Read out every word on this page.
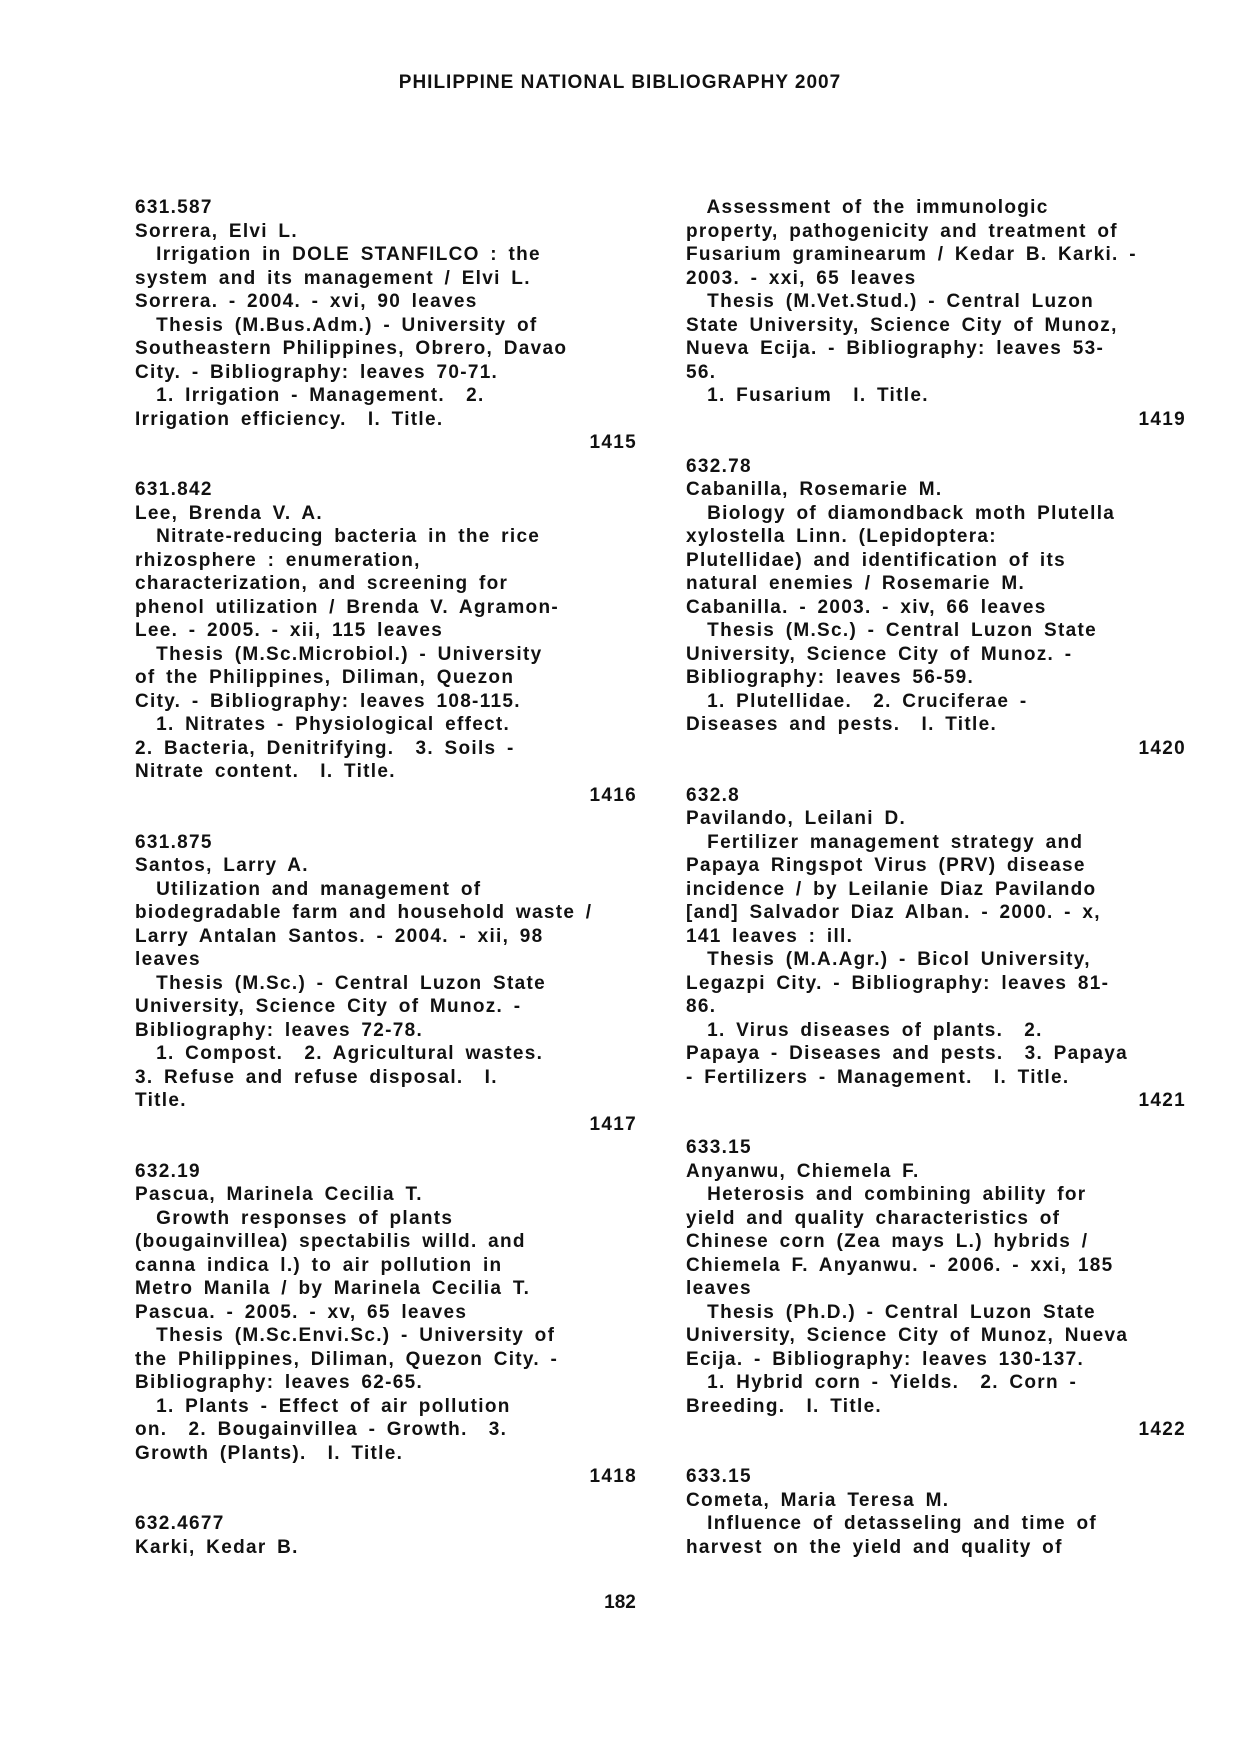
PHILIPPINE NATIONAL BIBLIOGRAPHY 2007
631.587
Sorrera, Elvi L.
Irrigation in DOLE STANFILCO : the
system and its management / Elvi L.
Sorrera. - 2004. - xvi, 90 leaves
Thesis (M.Bus.Adm.) - University of
Southeastern Philippines, Obrero, Davao
City. - Bibliography: leaves 70-71.
1. Irrigation - Management.  2.
Irrigation efficiency.  I. Title.
1415
631.842
Lee, Brenda V. A.
Nitrate-reducing bacteria in the rice
rhizosphere : enumeration,
characterization, and screening for
phenol utilization / Brenda V. Agramon-
Lee. - 2005. - xii, 115 leaves
Thesis (M.Sc.Microbiol.) - University
of the Philippines, Diliman, Quezon
City. - Bibliography: leaves 108-115.
1. Nitrates - Physiological effect.
2. Bacteria, Denitrifying.  3. Soils -
Nitrate content.  I. Title.
1416
631.875
Santos, Larry A.
Utilization and management of
biodegradable farm and household waste /
Larry Antalan Santos. - 2004. - xii, 98
leaves
Thesis (M.Sc.) - Central Luzon State
University, Science City of Munoz. -
Bibliography: leaves 72-78.
1. Compost.  2. Agricultural wastes.
3. Refuse and refuse disposal.  I.
Title.
1417
632.19
Pascua, Marinela Cecilia T.
Growth responses of plants
(bougainvillea) spectabilis willd. and
canna indica l.) to air pollution in
Metro Manila / by Marinela Cecilia T.
Pascua. - 2005. - xv, 65 leaves
Thesis (M.Sc.Envi.Sc.) - University of
the Philippines, Diliman, Quezon City. -
Bibliography: leaves 62-65.
1. Plants - Effect of air pollution
on.  2. Bougainvillea - Growth.  3.
Growth (Plants).  I. Title.
1418
632.4677
Karki, Kedar B.
Assessment of the immunologic
property, pathogenicity and treatment of
Fusarium graminearum / Kedar B. Karki. -
2003. - xxi, 65 leaves
Thesis (M.Vet.Stud.) - Central Luzon
State University, Science City of Munoz,
Nueva Ecija. - Bibliography: leaves 53-
56.
1. Fusarium  I. Title.
1419
632.78
Cabanilla, Rosemarie M.
Biology of diamondback moth Plutella
xylostella Linn. (Lepidoptera:
Plutellidae) and identification of its
natural enemies / Rosemarie M.
Cabanilla. - 2003. - xiv, 66 leaves
Thesis (M.Sc.) - Central Luzon State
University, Science City of Munoz. -
Bibliography: leaves 56-59.
1. Plutellidae.  2. Cruciferae -
Diseases and pests.  I. Title.
1420
632.8
Pavilando, Leilani D.
Fertilizer management strategy and
Papaya Ringspot Virus (PRV) disease
incidence / by Leilanie Diaz Pavilando
[and] Salvador Diaz Alban. - 2000. - x,
141 leaves : ill.
Thesis (M.A.Agr.) - Bicol University,
Legazpi City. - Bibliography: leaves 81-
86.
1. Virus diseases of plants.  2.
Papaya - Diseases and pests.  3. Papaya
- Fertilizers - Management.  I. Title.
1421
633.15
Anyanwu, Chiemela F.
Heterosis and combining ability for
yield and quality characteristics of
Chinese corn (Zea mays L.) hybrids /
Chiemela F. Anyanwu. - 2006. - xxi, 185
leaves
Thesis (Ph.D.) - Central Luzon State
University, Science City of Munoz, Nueva
Ecija. - Bibliography: leaves 130-137.
1. Hybrid corn - Yields.  2. Corn -
Breeding.  I. Title.
1422
633.15
Cometa, Maria Teresa M.
Influence of detasseling and time of
harvest on the yield and quality of
182
